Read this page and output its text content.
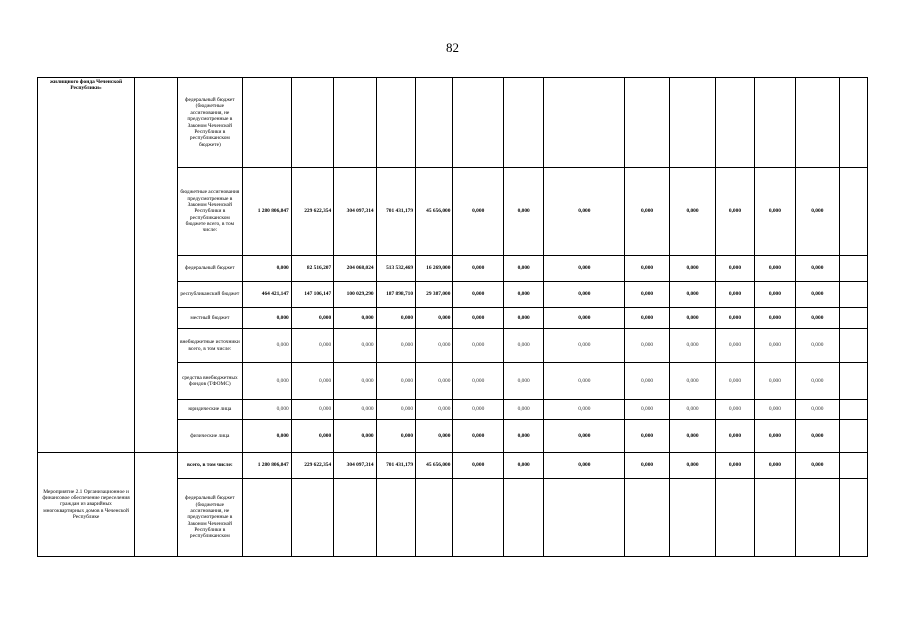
82
жилищного фонда Чеченской Республики»		федеральный бюджет (бюджетные ассигнования, не предусмотренные в Законом Чеченской Республики в республиканском бюджете)														
		бюджетные ассигнования предусмотренные в Законом Чеченской Республики в республиканском бюджете всего, в том числе:	1 280 806,847	229 622,354	304 097,314	701 431,179	45 656,000	0,000	0,000	0,000	0,000	0,000	0,000	0,000	0,000	
		федеральный бюджет	0,000	82 516,207	204 068,024	513 532,469	16 269,000	0,000	0,000	0,000	0,000	0,000	0,000	0,000	0,000	
		республиканский бюджет	464 421,147	147 106,147	100 029,290	187 898,710	29 387,000	0,000	0,000	0,000	0,000	0,000	0,000	0,000	0,000	
		местный бюджет	0,000	0,000	0,000	0,000	0,000	0,000	0,000	0,000	0,000	0,000	0,000	0,000	0,000	
		внебюджетные источники всего, в том числе:	0,000	0,000	0,000	0,000	0,000	0,000	0,000	0,000	0,000	0,000	0,000	0,000	0,000	
		средства внебюджетных фондов (ТФОМС)	0,000	0,000	0,000	0,000	0,000	0,000	0,000	0,000	0,000	0,000	0,000	0,000	0,000	
		юридические лица	0,000	0,000	0,000	0,000	0,000	0,000	0,000	0,000	0,000	0,000	0,000	0,000	0,000	
		физические лица	0,000	0,000	0,000	0,000	0,000	0,000	0,000	0,000	0,000	0,000	0,000	0,000	0,000	
Мероприятие 2.1 Организационное и финансовое обеспечение переселения граждан из аварийных многоквартирных домов в Чеченской Республике		всего, в том числе:	1 280 806,847	229 622,354	304 097,314	701 431,179	45 656,000	0,000	0,000	0,000	0,000	0,000	0,000	0,000	0,000	
		федеральный бюджет (бюджетные ассигнования, не предусмотренные в Законом Чеченской Республики в республиканском														
